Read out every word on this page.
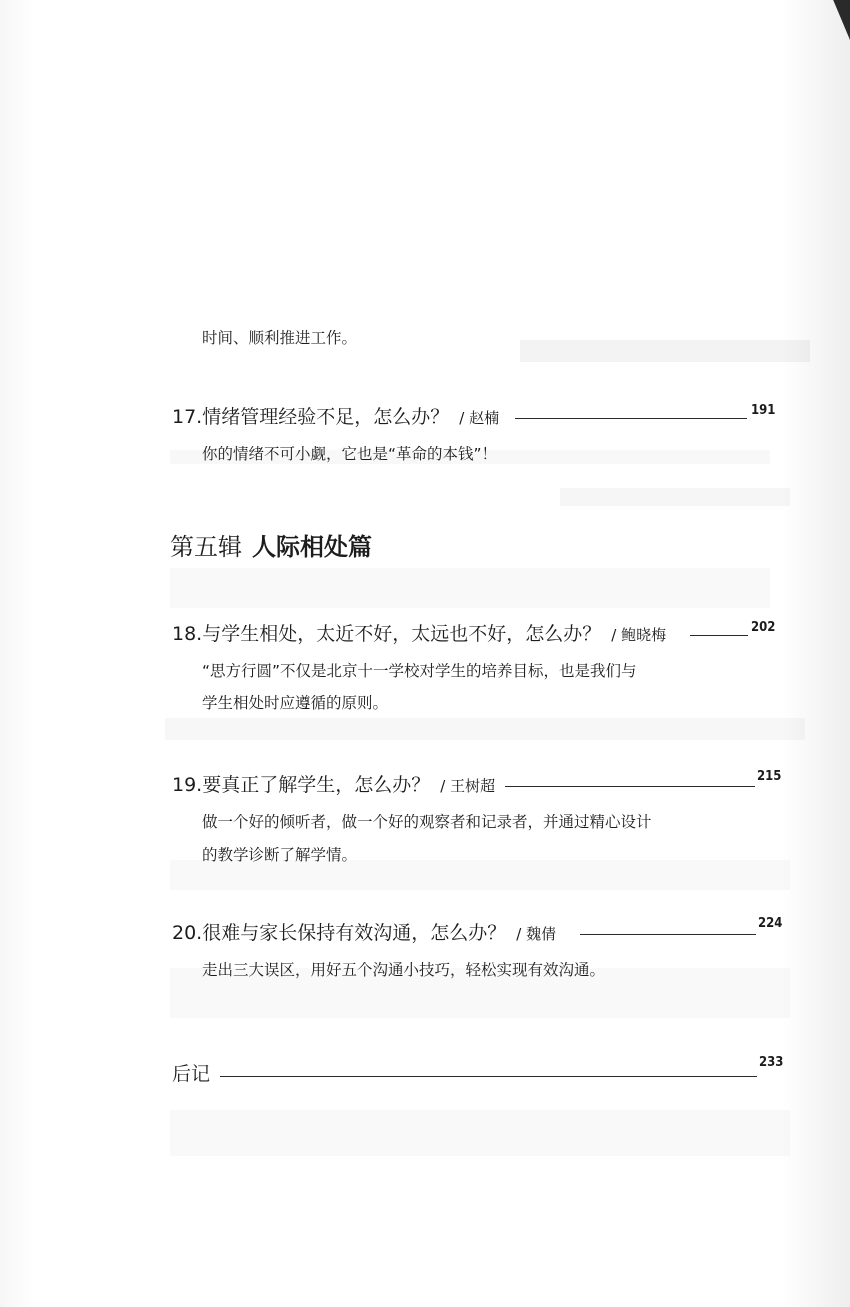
时间、顺利推进工作。
17.情绪管理经验不足，怎么办？ / 赵楠	191
你的情绪不可小觑，它也是“革命的本钱”！
第五辑 人际相处篇
18.与学生相处，太近不好，太远也不好，怎么办？ / 鲍晓梅	202
“思方行圆”不仅是北京十一学校对学生的培养目标，也是我们与
学生相处时应遵循的原则。
19.要真正了解学生，怎么办？ / 王树超
215
做一个好的倾听者，做一个好的观察者和记录者，并通过精心设计
的教学诊断了解学情。
20.很难与家长保持有效沟通，怎么办？ / 魏倩
224
走出三大误区，用好五个沟通小技巧，轻松实现有效沟通。
后记
233
